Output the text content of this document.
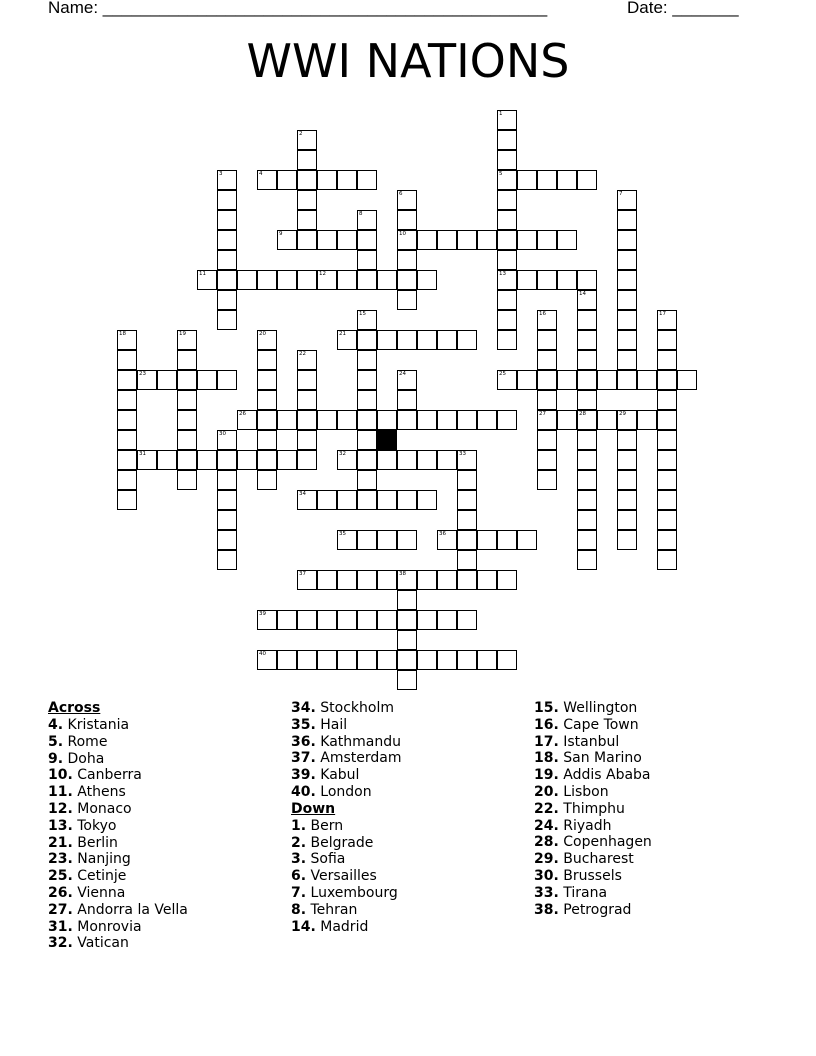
Name: _______________________________________________	Date: _______
WWI NATIONS
4	5
9	10
11	12	13
21
23	25
26	27	28	29
31	32	33
34
35	36
37	38
39
40
1
2
3
6	7
8
14
15	16	17
18	19	20
22
24
30
Across
4. Kristania
5. Rome
9. Doha
10. Canberra
11. Athens
12. Monaco
13. Tokyo
21. Berlin
23. Nanjing
25. Cetinje
26. Vienna
27. Andorra la Vella
31. Monrovia
32. Vatican
34. Stockholm
35. Hail
36. Kathmandu
37. Amsterdam
39. Kabul
40. London
Down
1. Bern
2. Belgrade
3. Sofia
6. Versailles
7. Luxembourg
8. Tehran
14. Madrid
15. Wellington
16. Cape Town
17. Istanbul
18. San Marino
19. Addis Ababa
20. Lisbon
22. Thimphu
24. Riyadh
28. Copenhagen
29. Bucharest
30. Brussels
33. Tirana
38. Petrograd
